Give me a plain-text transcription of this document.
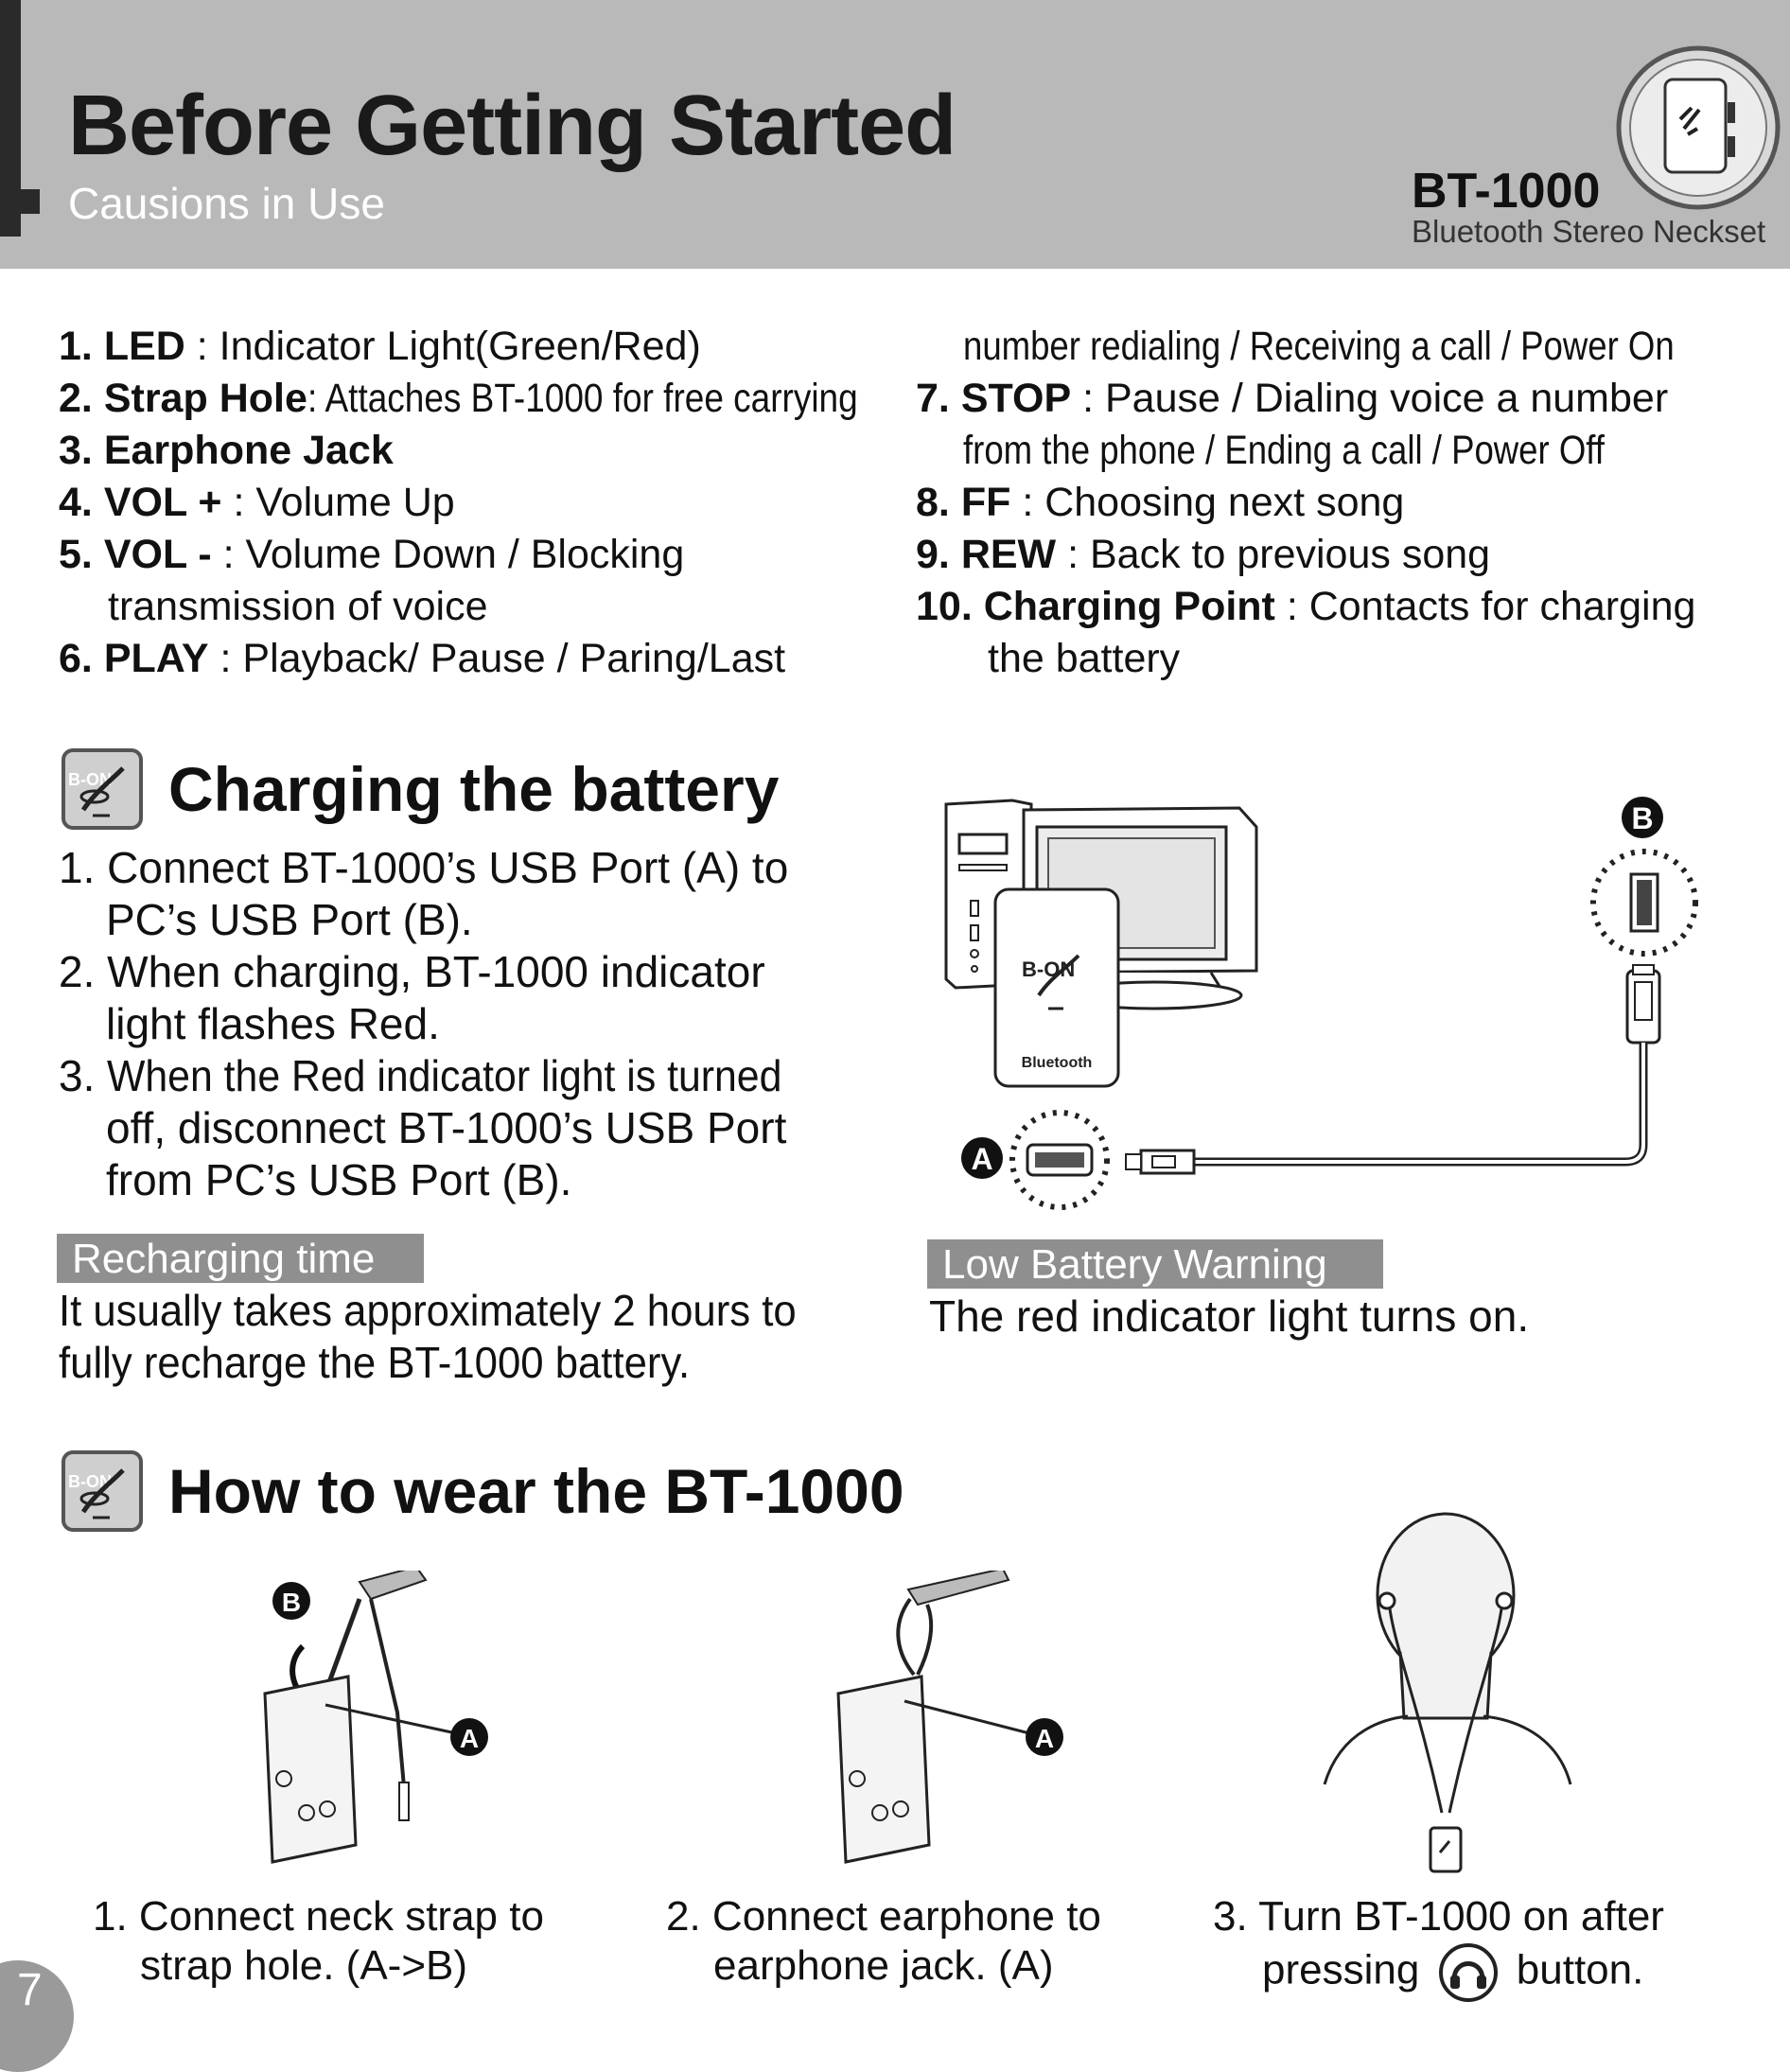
Before Getting Started
Causions in Use	BT-1000
Bluetooth Stereo Neckset
1. LED : Indicator Light(Green/Red)
2. Strap Hole: Attaches BT-1000 for free carrying
3. Earphone Jack
4. VOL + : Volume Up
5. VOL - : Volume Down / Blocking
transmission of voice
6. PLAY : Playback/ Pause / Paring/Last
number redialing / Receiving a call / Power On
7. STOP : Pause / Dialing voice a number
from the phone / Ending a call / Power Off
8. FF : Choosing next song
9. REW : Back to previous song
10. Charging Point : Contacts for charging
the battery
B-ON Charging the battery
1. Connect BT-1000’s USB Port (A) to
PC’s USB Port (B).
2. When charging, BT-1000 indicator
light flashes Red.
3. When the Red indicator light is turned
off, disconnect BT-1000’s USB Port
from PC’s USB Port (B).
Recharging time
It usually takes approximately 2 hours to
fully recharge the BT-1000 battery.
Low Battery Warning
The red indicator light turns on.
B
B-ON
Bluetooth
A
B-ON How to wear the BT-1000
B
A	A
1. Connect neck strap to
strap hole. (A->B)
2. Connect earphone to
earphone jack. (A)
3. Turn BT-1000 on after
pressing button.
7
